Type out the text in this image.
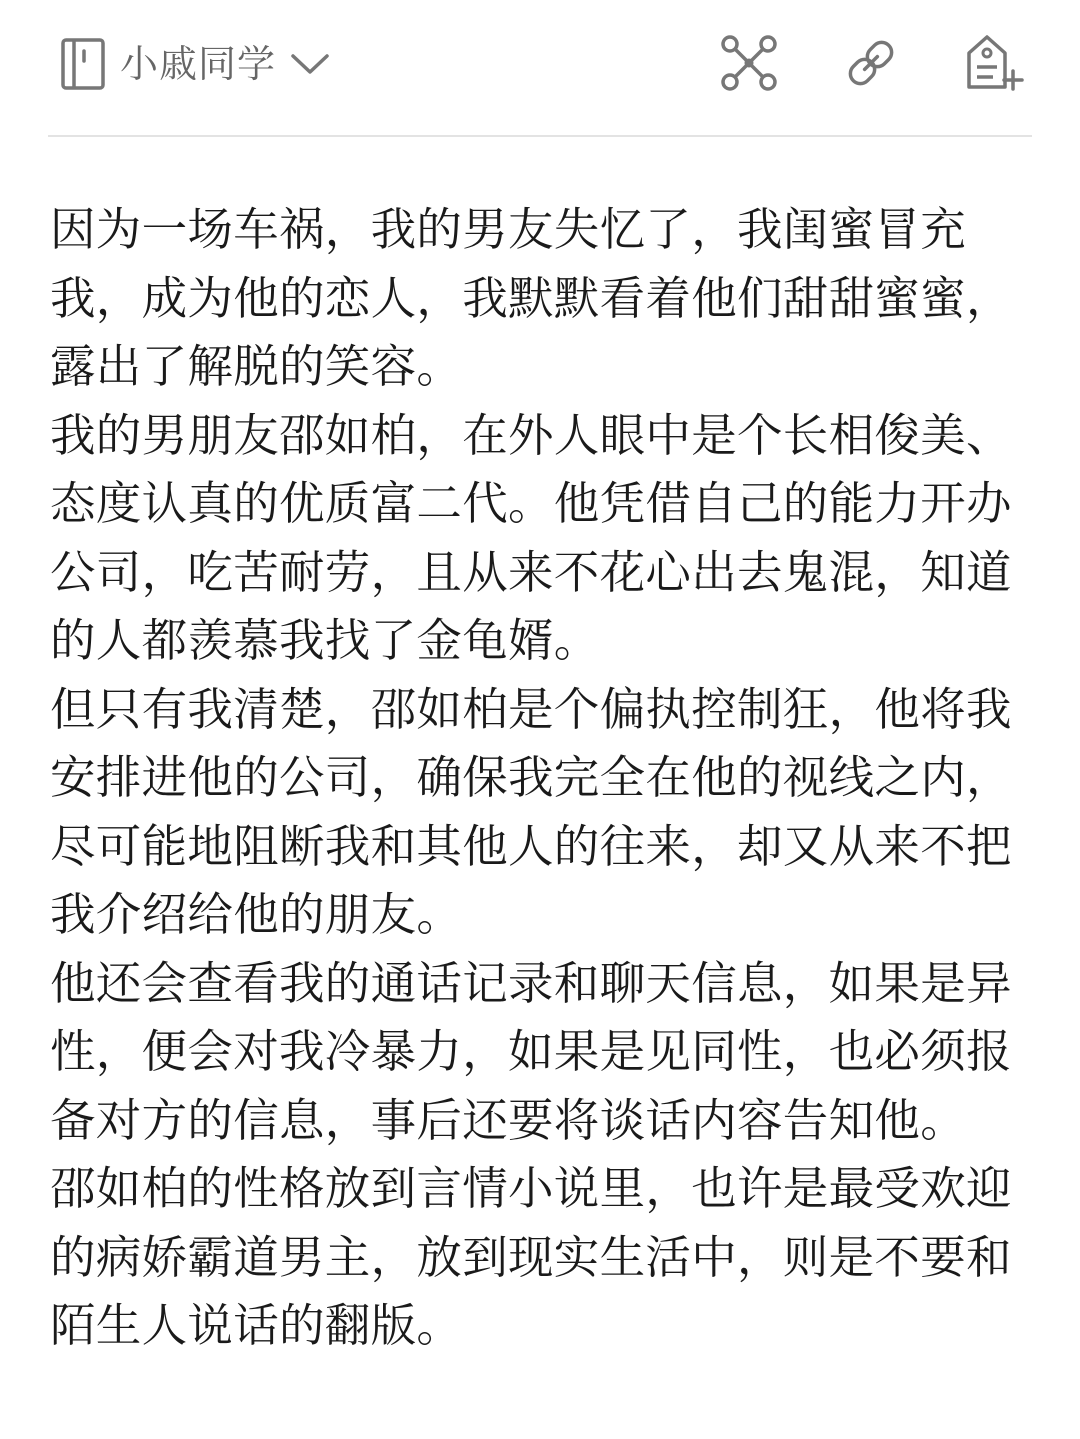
小戚同学

因为一场车祸，我的男友失忆了，我闺蜜冒充我，成为他的恋人，我默默看着他们甜甜蜜蜜，露出了解脱的笑容。

我的男朋友邵如柏，在外人眼中是个长相俊美、态度认真的优质富二代。他凭借自己的能力开办公司，吃苦耐劳，且从来不花心出去鬼混，知道的人都羡慕我找了金龟婿。

但只有我清楚，邵如柏是个偏执控制狂，他将我安排进他的公司，确保我完全在他的视线之内，尽可能地阻断我和其他人的往来，却又从来不把我介绍给他的朋友。

他还会查看我的通话记录和聊天信息，如果是异性，便会对我冷暴力，如果是见同性，也必须报备对方的信息，事后还要将谈话内容告知他。

邵如柏的性格放到言情小说里，也许是最受欢迎的病娇霸道男主，放到现实生活中，则是不要和陌生人说话的翻版。
